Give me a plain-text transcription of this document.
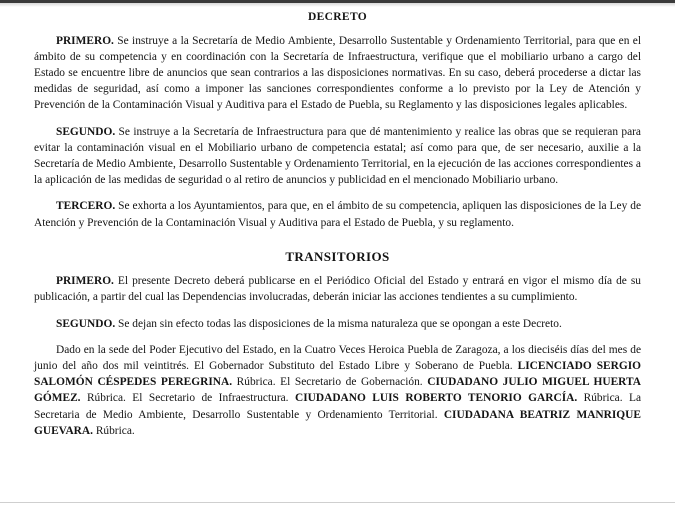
DECRETO

PRIMERO. Se instruye a la Secretaría de Medio Ambiente, Desarrollo Sustentable y Ordenamiento Territorial, para que en el ámbito de su competencia y en coordinación con la Secretaría de Infraestructura, verifique que el mobiliario urbano a cargo del Estado se encuentre libre de anuncios que sean contrarios a las disposiciones normativas. En su caso, deberá procederse a dictar las medidas de seguridad, así como a imponer las sanciones correspondientes conforme a lo previsto por la Ley de Atención y Prevención de la Contaminación Visual y Auditiva para el Estado de Puebla, su Reglamento y las disposiciones legales aplicables.

SEGUNDO. Se instruye a la Secretaría de Infraestructura para que dé mantenimiento y realice las obras que se requieran para evitar la contaminación visual en el Mobiliario urbano de competencia estatal; así como para que, de ser necesario, auxilie a la Secretaría de Medio Ambiente, Desarrollo Sustentable y Ordenamiento Territorial, en la ejecución de las acciones correspondientes a la aplicación de las medidas de seguridad o al retiro de anuncios y publicidad en el mencionado Mobiliario urbano.

TERCERO. Se exhorta a los Ayuntamientos, para que, en el ámbito de su competencia, apliquen las disposiciones de la Ley de Atención y Prevención de la Contaminación Visual y Auditiva para el Estado de Puebla, y su reglamento.

TRANSITORIOS

PRIMERO. El presente Decreto deberá publicarse en el Periódico Oficial del Estado y entrará en vigor el mismo día de su publicación, a partir del cual las Dependencias involucradas, deberán iniciar las acciones tendientes a su cumplimiento.

SEGUNDO. Se dejan sin efecto todas las disposiciones de la misma naturaleza que se opongan a este Decreto.

Dado en la sede del Poder Ejecutivo del Estado, en la Cuatro Veces Heroica Puebla de Zaragoza, a los dieciséis días del mes de junio del año dos mil veintitrés. El Gobernador Substituto del Estado Libre y Soberano de Puebla. LICENCIADO SERGIO SALOMÓN CÉSPEDES PEREGRINA. Rúbrica. El Secretario de Gobernación. CIUDADANO JULIO MIGUEL HUERTA GÓMEZ. Rúbrica. El Secretario de Infraestructura. CIUDADANO LUIS ROBERTO TENORIO GARCÍA. Rúbrica. La Secretaria de Medio Ambiente, Desarrollo Sustentable y Ordenamiento Territorial. CIUDADANA BEATRIZ MANRIQUE GUEVARA. Rúbrica.
